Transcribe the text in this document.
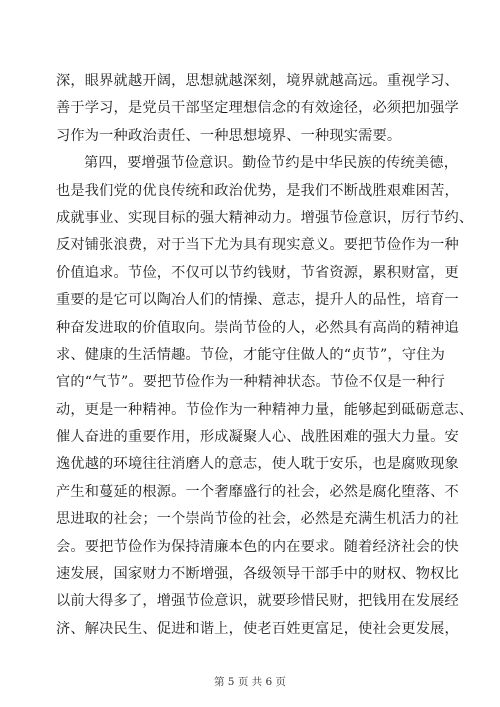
深，眼界就越开阔，思想就越深刻，境界就越高远。重视学习、
善于学习，是党员干部坚定理想信念的有效途径，必须把加强学
习作为一种政治责任、一种思想境界、一种现实需要。
第四，要增强节俭意识。勤俭节约是中华民族的传统美德，
也是我们党的优良传统和政治优势，是我们不断战胜艰难困苦，
成就事业、实现目标的强大精神动力。增强节俭意识，厉行节约、
反对铺张浪费，对于当下尤为具有现实意义。要把节俭作为一种
价值追求。节俭，不仅可以节约钱财，节省资源，累积财富，更
重要的是它可以陶冶人们的情操、意志，提升人的品性，培育一
种奋发进取的价值取向。崇尚节俭的人，必然具有高尚的精神追
求、健康的生活情趣。节俭，才能守住做人的“贞节”，守住为
官的“气节”。要把节俭作为一种精神状态。节俭不仅是一种行
动，更是一种精神。节俭作为一种精神力量，能够起到砥砺意志、
催人奋进的重要作用，形成凝聚人心、战胜困难的强大力量。安
逸优越的环境往往消磨人的意志，使人耽于安乐，也是腐败现象
产生和蔓延的根源。一个奢靡盛行的社会，必然是腐化堕落、不
思进取的社会；一个崇尚节俭的社会，必然是充满生机活力的社
会。要把节俭作为保持清廉本色的内在要求。随着经济社会的快
速发展，国家财力不断增强，各级领导干部手中的财权、物权比
以前大得多了，增强节俭意识，就要珍惜民财，把钱用在发展经
济、解决民生、促进和谐上，使老百姓更富足，使社会更发展，
第 5 页 共 6 页
